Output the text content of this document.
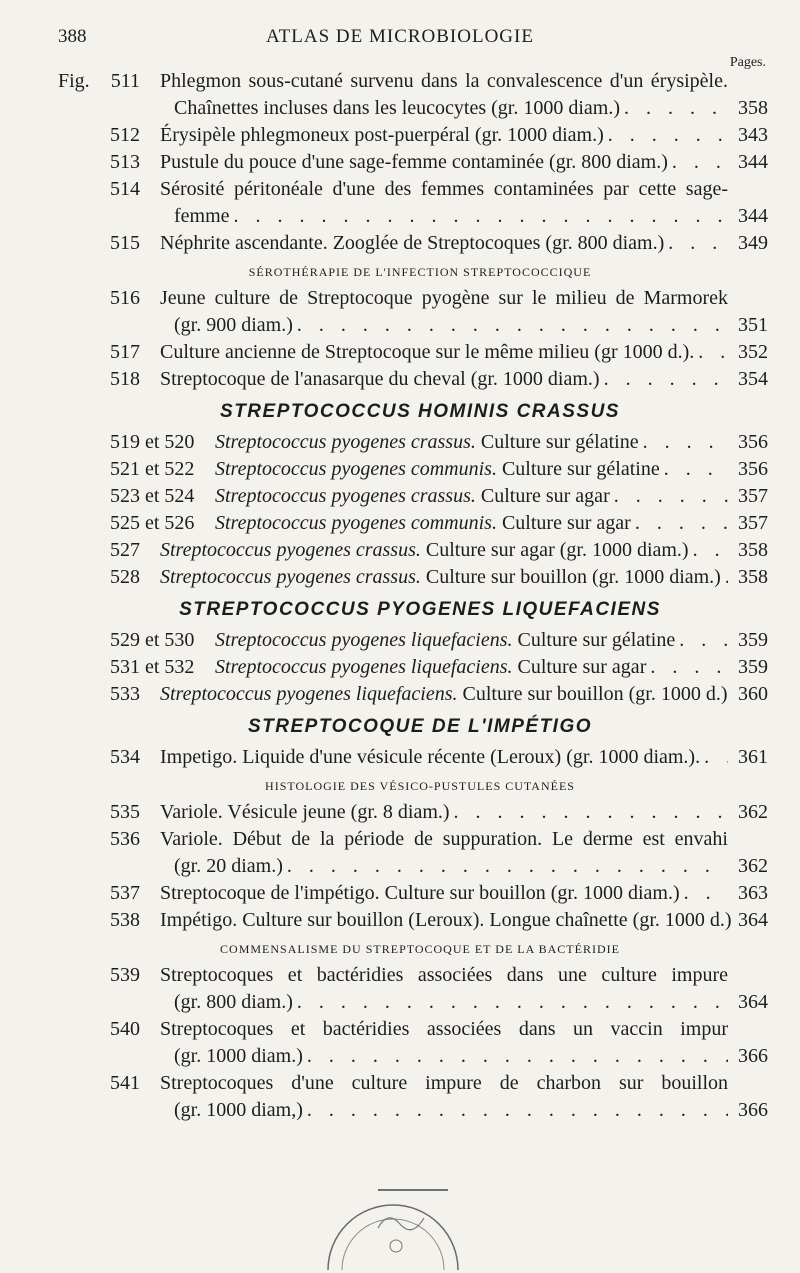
388	ATLAS DE MICROBIOLOGIE
Pages.
Fig. 511 Phlegmon sous-cutané survenu dans la convalescence d'un érysipèle.
Chaînettes incluses dans les leucocytes (gr. 1000 diam.) . . .	358
512 Érysipèle phlegmoneux post-puerpéral (gr. 1000 diam.) . . .	343
513 Pustule du pouce d'une sage-femme contaminée (gr. 800 diam.) . . .	344
514 Sérosité péritonéale d'une des femmes contaminées par cette sage-
femme . . .	344
515 Néphrite ascendante. Zooglée de Streptocoques (gr. 800 diam.) . . .	349
SÉROTHÉRAPIE DE L'INFECTION STREPTOCOCCIQUE
516 Jeune culture de Streptocoque pyogène sur le milieu de Marmorek
(gr. 900 diam.) . . .	351
517 Culture ancienne de Streptocoque sur le même milieu (gr 1000 d.). . . .	352
518 Streptocoque de l'anasarque du cheval (gr. 1000 diam.) . . .	354
STREPTOCOCCUS HOMINIS CRASSUS
519 et 520 Streptococcus pyogenes crassus. Culture sur gélatine . . .	356
521 et 522 Streptococcus pyogenes communis. Culture sur gélatine . . .	356
523 et 524 Streptococcus pyogenes crassus. Culture sur agar . . .	357
525 et 526 Streptococcus pyogenes communis. Culture sur agar . . .	357
527 Streptococcus pyogenes crassus. Culture sur agar (gr. 1000 diam.) . . .	358
528 Streptococcus pyogenes crassus. Culture sur bouillon (gr. 1000 diam.) . . . 358
STREPTOCOCCUS PYOGENES LIQUEFACIENS
529 et 530 Streptococcus pyogenes liquefaciens. Culture sur gélatine . . .	359
531 et 532 Streptococcus pyogenes liquefaciens. Culture sur agar . . .	359
533 Streptococcus pyogenes liquefaciens. Culture sur bouillon (gr. 1000 d.) . . . 360
STREPTOCOQUE DE L'IMPÉTIGO
534 Impetigo. Liquide d'une vésicule récente (Leroux) (gr. 1000 diam.). . . .	361
HISTOLOGIE DES VÉSICO-PUSTULES CUTANÉES
535 Variole. Vésicule jeune (gr. 8 diam.) . . .	362
536 Variole. Début de la période de suppuration. Le derme est envahi
(gr. 20 diam.) . . .	362
537 Streptocoque de l'impétigo. Culture sur bouillon (gr. 1000 diam.) . . .	363
538 Impétigo. Culture sur bouillon (Leroux). Longue chaînette (gr. 1000 d.) . . . 364
COMMENSALISME DU STREPTOCOQUE ET DE LA BACTÉRIDIE
539 Streptocoques et bactéridies associées dans une culture impure
(gr. 800 diam.) . . .	364
540 Streptocoques et bactéridies associées dans un vaccin impur
(gr. 1000 diam.) . . .	366
541 Streptocoques d'une culture impure de charbon sur bouillon
(gr. 1000 diam,) . . .	366
